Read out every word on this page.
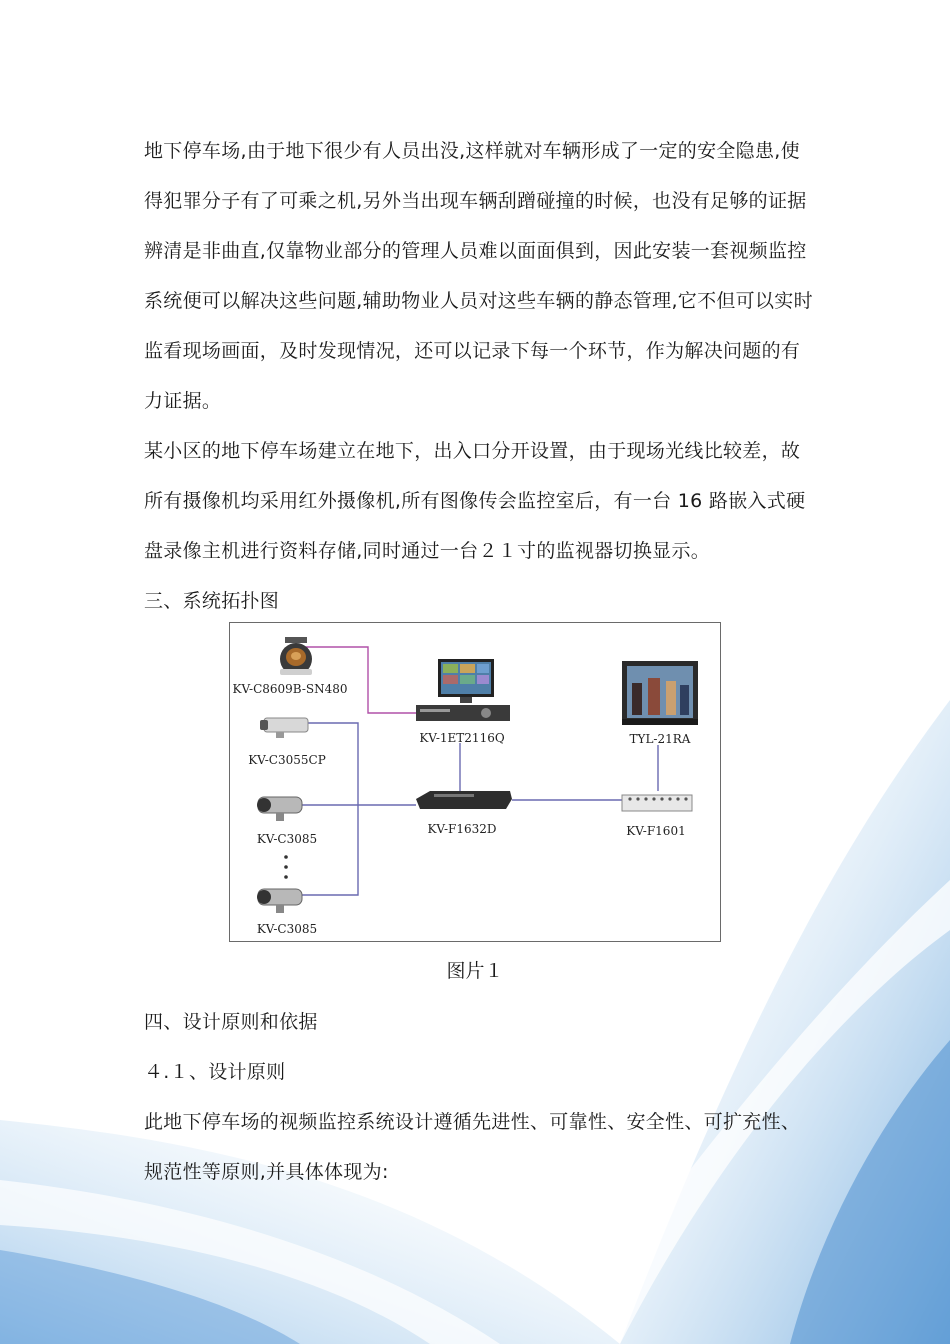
地下停车场,由于地下很少有人员出没,这样就对车辆形成了一定的安全隐患,使
得犯罪分子有了可乘之机,另外当出现车辆刮蹭碰撞的时候，也没有足够的证据
辨清是非曲直,仅靠物业部分的管理人员难以面面俱到，因此安装一套视频监控
系统便可以解决这些问题,辅助物业人员对这些车辆的静态管理,它不但可以实时
监看现场画面，及时发现情况，还可以记录下每一个环节，作为解决问题的有
力证据。
某小区的地下停车场建立在地下，出入口分开设置，由于现场光线比较差，故
所有摄像机均采用红外摄像机,所有图像传会监控室后，有一台 16 路嵌入式硬
盘录像主机进行资料存储,同时通过一台２１寸的监视器切换显示。
三、系统拓扑图
KV-C8609B-SN480
KV-C3055CP
KV-C3085
KV-C3085
KV-1ET2116Q
KV-F1632D
TYL-21RA
KV-F1601
图片１
四、设计原则和依据
４.１、设计原则
此地下停车场的视频监控系统设计遵循先进性、可靠性、安全性、可扩充性、
规范性等原则,并具体体现为:
